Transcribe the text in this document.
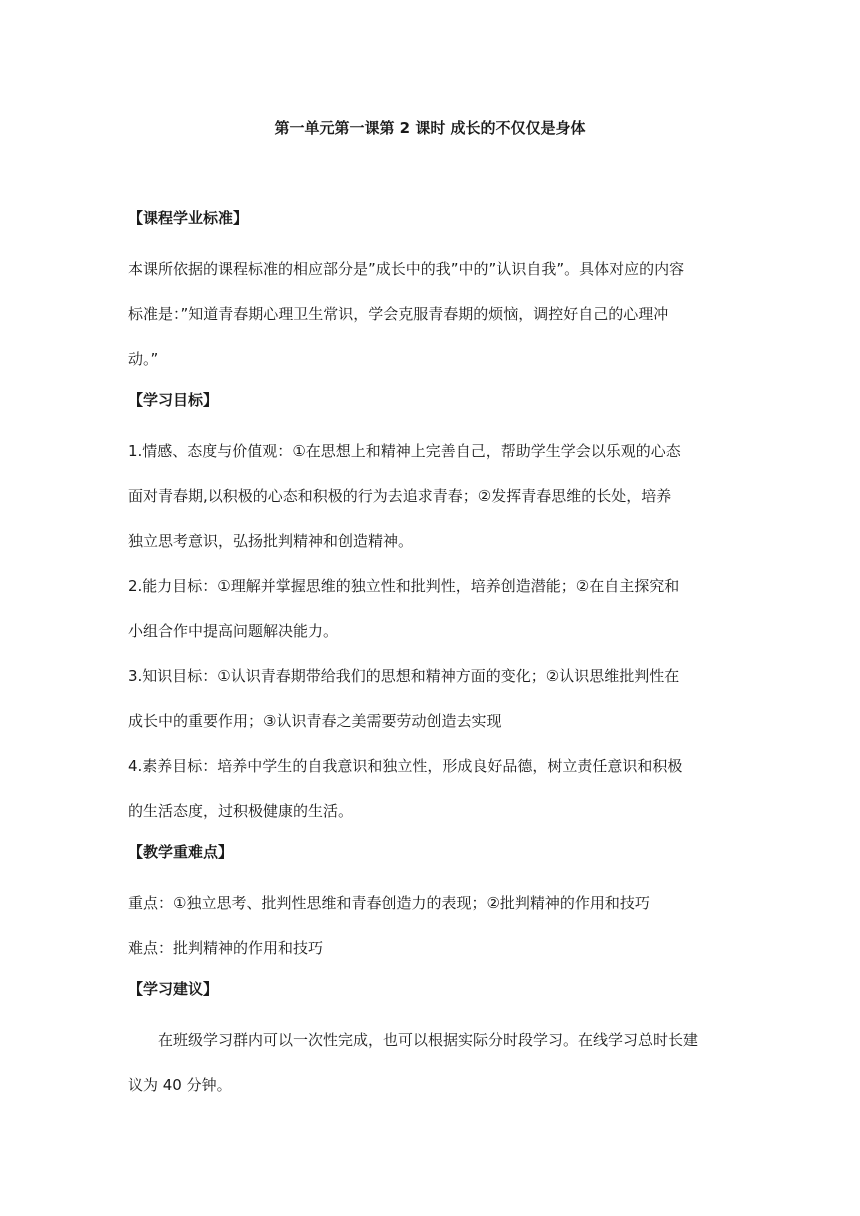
第一单元第一课第 2 课时 成长的不仅仅是身体
【课程学业标准】
本课所依据的课程标准的相应部分是”成长中的我”中的”认识自我”。具体对应的内容
标准是：”知道青春期心理卫生常识，学会克服青春期的烦恼，调控好自己的心理冲
动。”
【学习目标】
1.情感、态度与价值观：①在思想上和精神上完善自己，帮助学生学会以乐观的心态
面对青春期,以积极的心态和积极的行为去追求青春；②发挥青春思维的长处，培养
独立思考意识，弘扬批判精神和创造精神。
2.能力目标：①理解并掌握思维的独立性和批判性，培养创造潜能；②在自主探究和
小组合作中提高问题解决能力。
3.知识目标：①认识青春期带给我们的思想和精神方面的变化；②认识思维批判性在
成长中的重要作用；③认识青春之美需要劳动创造去实现
4.素养目标：培养中学生的自我意识和独立性，形成良好品德，树立责任意识和积极
的生活态度，过积极健康的生活。
【教学重难点】
重点：①独立思考、批判性思维和青春创造力的表现；②批判精神的作用和技巧
难点：批判精神的作用和技巧
【学习建议】
在班级学习群内可以一次性完成，也可以根据实际分时段学习。在线学习总时长建
议为 40 分钟。
